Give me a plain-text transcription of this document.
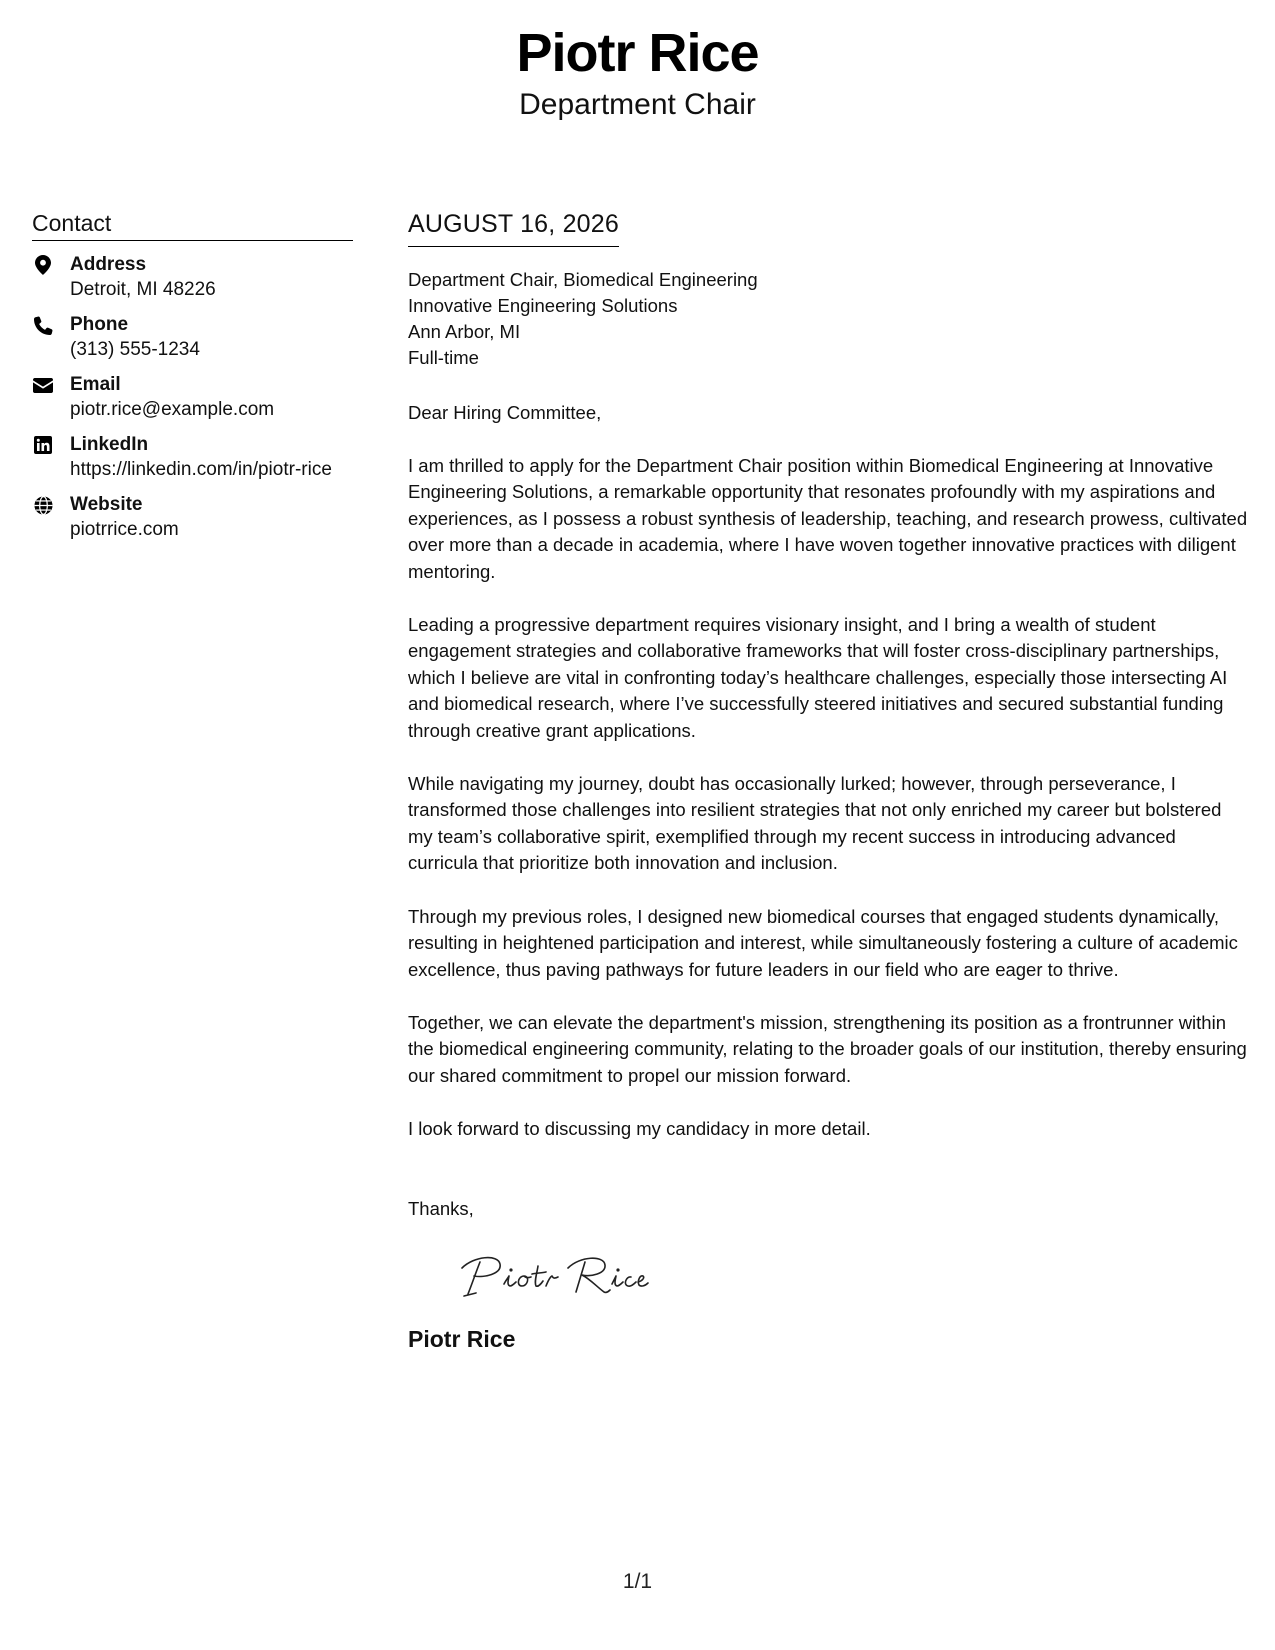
Piotr Rice
Department Chair
Contact
Address
Detroit, MI 48226
Phone
(313) 555-1234
Email
piotr.rice@example.com
LinkedIn
https://linkedin.com/in/piotr-rice
Website
piotrrice.com
AUGUST 16, 2026
Department Chair, Biomedical Engineering
Innovative Engineering Solutions
Ann Arbor, MI
Full-time
Dear Hiring Committee,
I am thrilled to apply for the Department Chair position within Biomedical Engineering at Innovative Engineering Solutions, a remarkable opportunity that resonates profoundly with my aspirations and experiences, as I possess a robust synthesis of leadership, teaching, and research prowess, cultivated over more than a decade in academia, where I have woven together innovative practices with diligent mentoring.
Leading a progressive department requires visionary insight, and I bring a wealth of student engagement strategies and collaborative frameworks that will foster cross-disciplinary partnerships, which I believe are vital in confronting today’s healthcare challenges, especially those intersecting AI and biomedical research, where I’ve successfully steered initiatives and secured substantial funding through creative grant applications.
While navigating my journey, doubt has occasionally lurked; however, through perseverance, I transformed those challenges into resilient strategies that not only enriched my career but bolstered my team’s collaborative spirit, exemplified through my recent success in introducing advanced curricula that prioritize both innovation and inclusion.
Through my previous roles, I designed new biomedical courses that engaged students dynamically, resulting in heightened participation and interest, while simultaneously fostering a culture of academic excellence, thus paving pathways for future leaders in our field who are eager to thrive.
Together, we can elevate the department's mission, strengthening its position as a frontrunner within the biomedical engineering community, relating to the broader goals of our institution, thereby ensuring our shared commitment to propel our mission forward.
I look forward to discussing my candidacy in more detail.
Thanks,
Piotr Rice
1/1
